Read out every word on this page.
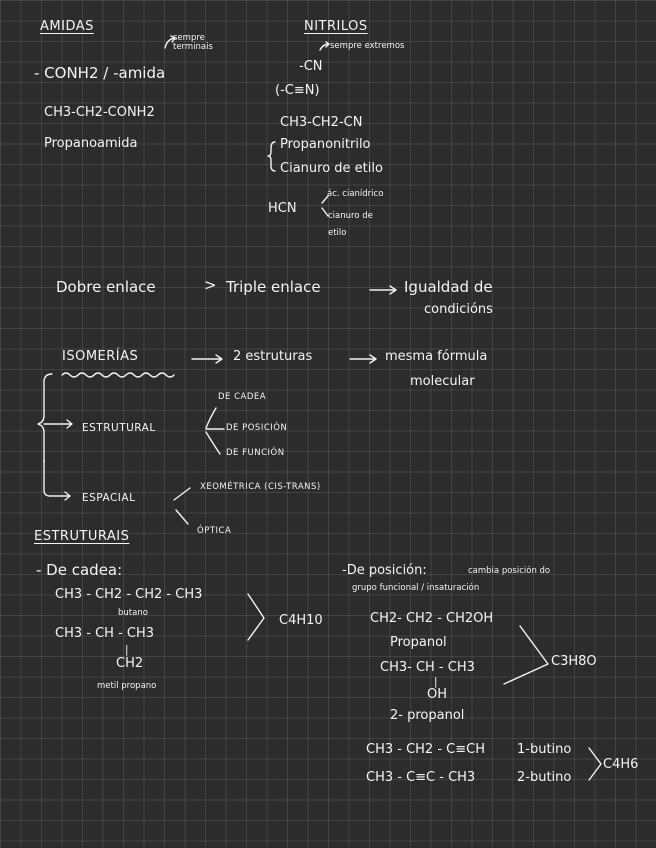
AMIDAS
sempre terminais
- CONH2 / -amida
CH3-CH2-CONH2
Propanoamida
NITRILOS
sempre extremos
-CN
(-C≡N)
CH3-CH2-CN
Propanonitrilo
Cianuro de etilo
HCN
ác. cianídrico
cianuro de
etilo
Dobre enlace	> Triple enlace	Igualdad de
condicións
ISOMERÍAS	2 estruturas	mesma fórmula
molecular
ESTRUTURAL
DE CADEA
DE POSICIÓN
DE FUNCIÓN
ESPACIAL
XEOMÉTRICA (CIS-TRANS)
ÓPTICA
ESTRUTURAIS
- De cadea:
CH3 - CH2 - CH2 - CH3
butano
CH3 - CH - CH3
|
CH2
metil propano
C4H10
-De posición:	cambia posición do
grupo funcional / insaturación
CH2- CH2 - CH2OH
Propanol
CH3- CH - CH3
|
OH
2- propanol
C3H8O
CH3 - CH2 - C≡CH 1-butino
CH3 - C≡C - CH3	2-butino
C4H6
